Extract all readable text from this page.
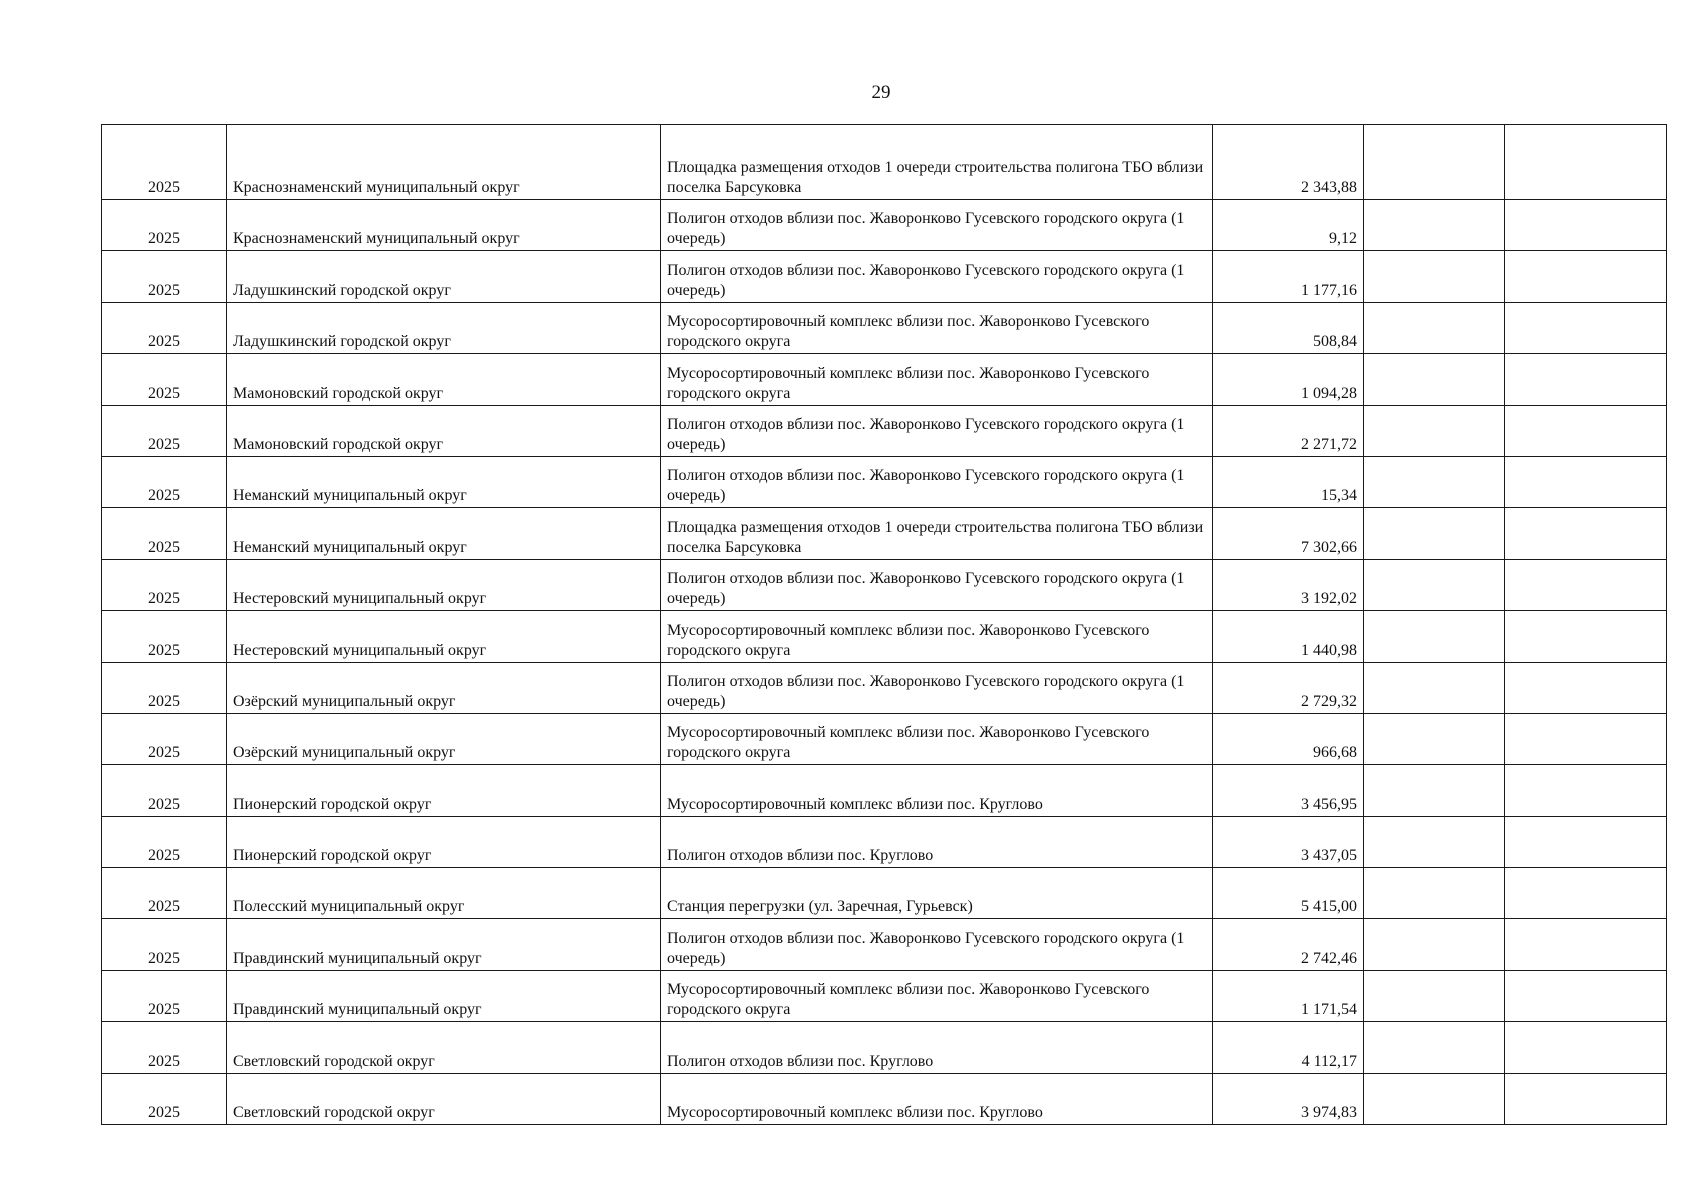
29
2025	Краснознаменский муниципальный округ	Площадка размещения отходов 1 очереди строительства полигона ТБО вблизи поселка Барсуковка	2 343,88		
2025	Краснознаменский муниципальный округ	Полигон отходов вблизи пос. Жаворонково Гусевского городского округа (1 очередь)	9,12		
2025	Ладушкинский городской округ	Полигон отходов вблизи пос. Жаворонково Гусевского городского округа (1 очередь)	1 177,16		
2025	Ладушкинский городской округ	Мусоросортировочный комплекс вблизи пос. Жаворонково Гусевского городского округа	508,84		
2025	Мамоновский городской округ	Мусоросортировочный комплекс вблизи пос. Жаворонково Гусевского городского округа	1 094,28		
2025	Мамоновский городской округ	Полигон отходов вблизи пос. Жаворонково Гусевского городского округа (1 очередь)	2 271,72		
2025	Неманский муниципальный округ	Полигон отходов вблизи пос. Жаворонково Гусевского городского округа (1 очередь)	15,34		
2025	Неманский муниципальный округ	Площадка размещения отходов 1 очереди строительства полигона ТБО вблизи поселка Барсуковка	7 302,66		
2025	Нестеровский муниципальный округ	Полигон отходов вблизи пос. Жаворонково Гусевского городского округа (1 очередь)	3 192,02		
2025	Нестеровский муниципальный округ	Мусоросортировочный комплекс вблизи пос. Жаворонково Гусевского городского округа	1 440,98		
2025	Озёрский муниципальный округ	Полигон отходов вблизи пос. Жаворонково Гусевского городского округа (1 очередь)	2 729,32		
2025	Озёрский муниципальный округ	Мусоросортировочный комплекс вблизи пос. Жаворонково Гусевского городского округа	966,68		
2025	Пионерский городской округ	Мусоросортировочный комплекс вблизи пос. Круглово	3 456,95		
2025	Пионерский городской округ	Полигон отходов вблизи пос. Круглово	3 437,05		
2025	Полесский муниципальный округ	Станция перегрузки (ул. Заречная, Гурьевск)	5 415,00		
2025	Правдинский муниципальный округ	Полигон отходов вблизи пос. Жаворонково Гусевского городского округа (1 очередь)	2 742,46		
2025	Правдинский муниципальный округ	Мусоросортировочный комплекс вблизи пос. Жаворонково Гусевского городского округа	1 171,54		
2025	Светловский городской округ	Полигон отходов вблизи пос. Круглово	4 112,17		
2025	Светловский городской округ	Мусоросортировочный комплекс вблизи пос. Круглово	3 974,83		
